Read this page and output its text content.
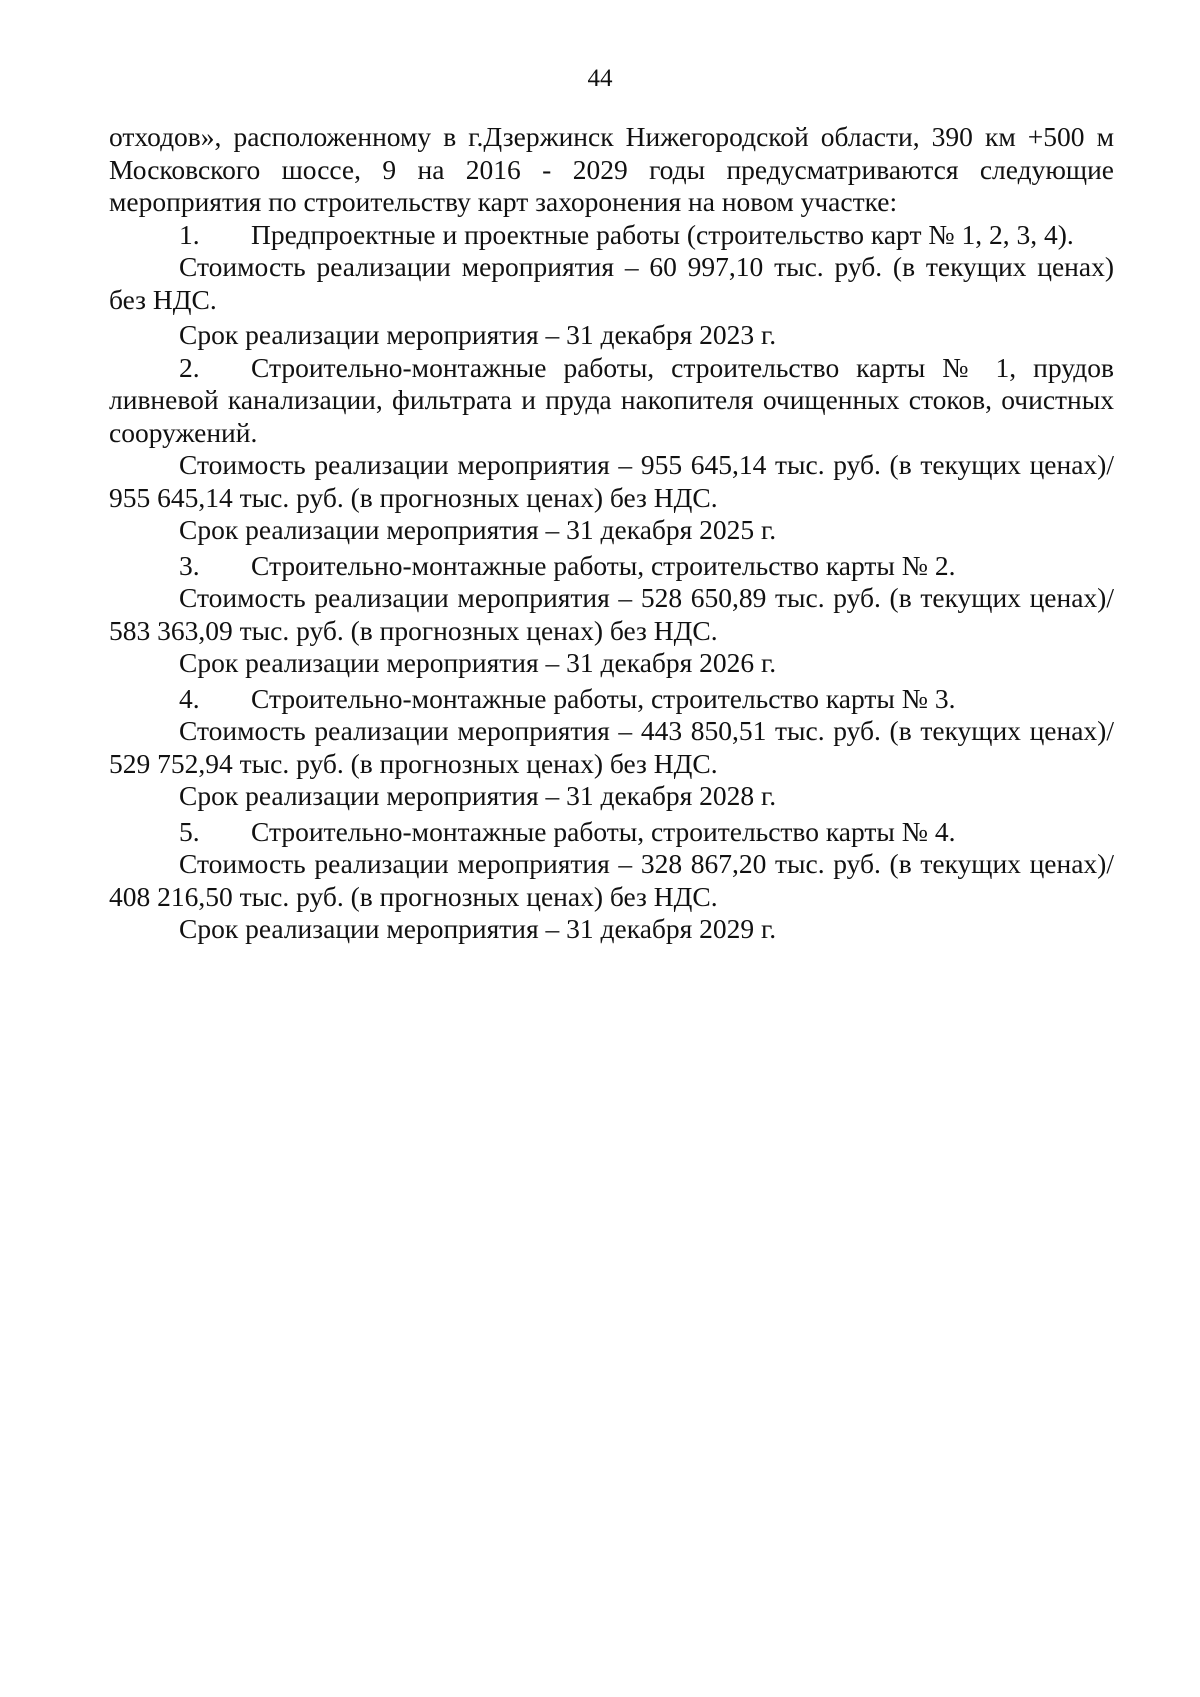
44

отходов», расположенному в г.Дзержинск Нижегородской области, 390 км +500 м Московского шоссе, 9 на 2016 - 2029 годы предусматриваются следующие мероприятия по строительству карт захоронения на новом участке:

1.	Предпроектные и проектные работы (строительство карт № 1, 2, 3, 4).

Стоимость реализации мероприятия – 60 997,10 тыс. руб. (в текущих ценах) без НДС.

Срок реализации мероприятия – 31 декабря 2023 г.

2.	Строительно-монтажные работы, строительство карты № 1, прудов ливневой канализации, фильтрата и пруда накопителя очищенных стоков, очистных сооружений.

Стоимость реализации мероприятия – 955 645,14 тыс. руб. (в текущих ценах)/ 955 645,14 тыс. руб. (в прогнозных ценах) без НДС.

Срок реализации мероприятия – 31 декабря 2025 г.

3.	Строительно-монтажные работы, строительство карты № 2.

Стоимость реализации мероприятия – 528 650,89 тыс. руб. (в текущих ценах)/ 583 363,09 тыс. руб. (в прогнозных ценах) без НДС.

Срок реализации мероприятия – 31 декабря 2026 г.

4.	Строительно-монтажные работы, строительство карты № 3.

Стоимость реализации мероприятия – 443 850,51 тыс. руб. (в текущих ценах)/ 529 752,94 тыс. руб. (в прогнозных ценах) без НДС.

Срок реализации мероприятия – 31 декабря 2028 г.

5.	Строительно-монтажные работы, строительство карты № 4.

Стоимость реализации мероприятия – 328 867,20 тыс. руб. (в текущих ценах)/ 408 216,50 тыс. руб. (в прогнозных ценах) без НДС.

Срок реализации мероприятия – 31 декабря 2029 г.
